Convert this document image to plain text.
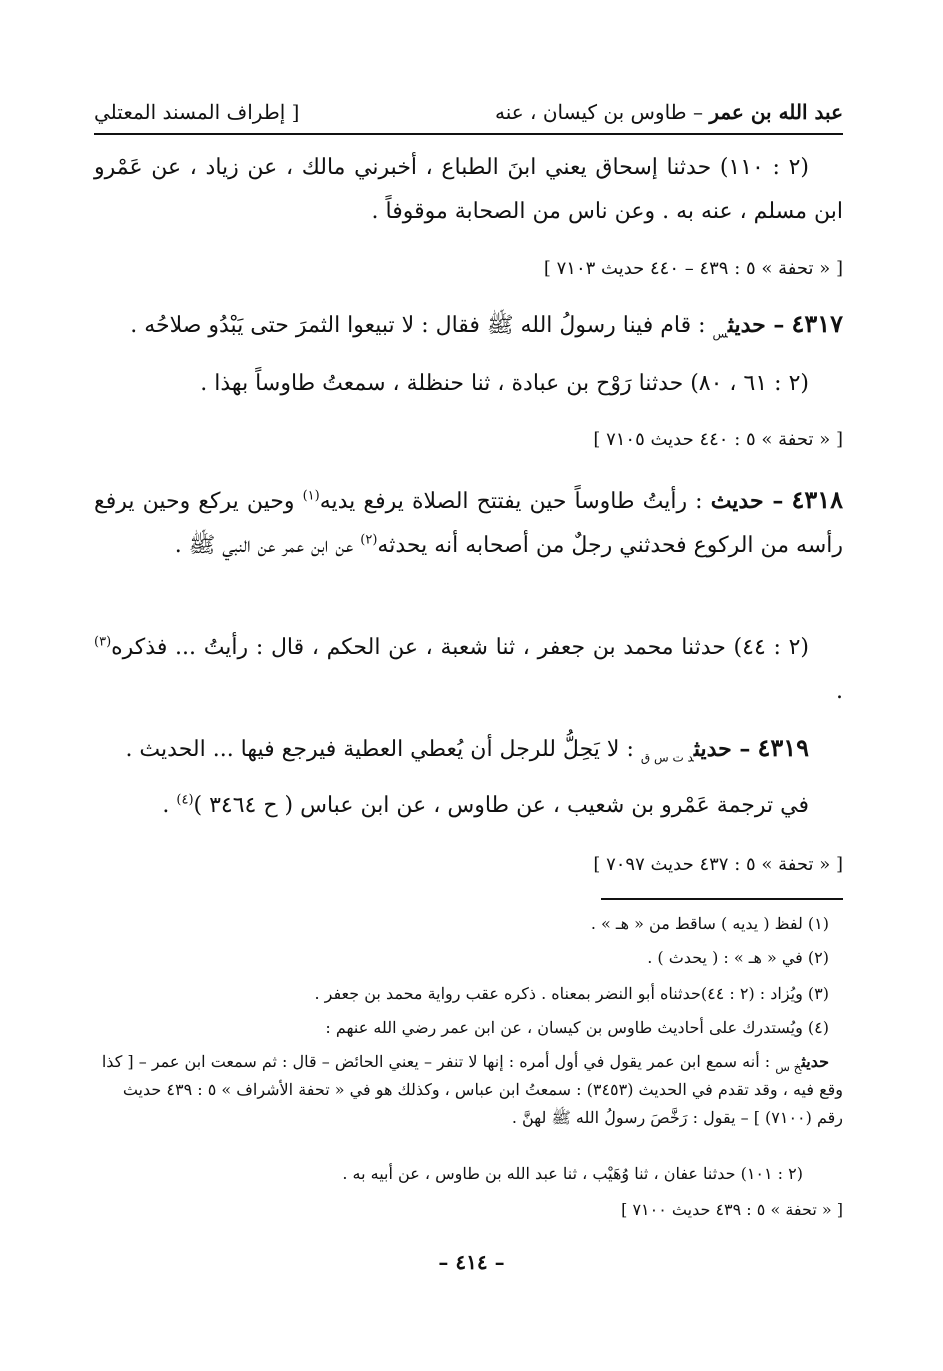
عبد الله بن عمر – طاوس بن كيسان ، عنه
[ إطراف المسند المعتلي
(٢ : ١١٠) حدثنا إسحاق يعني ابنَ الطباع ، أخبرني مالك ، عن زياد ، عن عَمْرو ابن مسلم ، عنه به . وعن ناس من الصحابة موقوفاً .
[ « تحفة » ٥ : ٤٣٩ – ٤٤٠ حديث ٧١٠٣ ]
٤٣١٧ – حديث$_س$ : قام فينا رسولُ الله ﷺ فقال : لا تبيعوا الثمرَ حتى يَبْدُو صلاحُه .
(٢ : ٦١ ، ٨٠) حدثنا رَوْح بن عبادة ، ثنا حنظلة ، سمعتُ طاوساً بهذا .
[ « تحفة » ٥ : ٤٤٠ حديث ٧١٠٥ ]
٤٣١٨ – حديث : رأيتُ طاوساً حين يفتتح الصلاة يرفع يديه$^{(١)}$ وحين يركع وحين يرفع رأسه من الركوع فحدثني رجلٌ من أصحابه أنه يحدثه$^{(٢)}$ عن ابن عمر عن النبي ﷺ .
(٢ : ٤٤) حدثنا محمد بن جعفر ، ثنا شعبة ، عن الحكم ، قال : رأيتُ ... فذكره$^{(٣)}$ .
٤٣١٩ – حديث$_{د ت س ق}$ : لا يَحِلُّ للرجل أن يُعطي العطية فيرجع فيها ... الحديث .
في ترجمة عَمْرو بن شعيب ، عن طاوس ، عن ابن عباس ( ح ٣٤٦٤ )$^{(٤)}$ .
[ « تحفة » ٥ : ٤٣٧ حديث ٧٠٩٧ ]
(١) لفظ ( يديه ) ساقط من « هـ » .
(٢) في « هـ » : ( يحدث ) .
(٣) ويُزاد : (٢ : ٤٤)حدثناه أبو النضر بمعناه . ذكره عقب رواية محمد بن جعفر .
(٤) ويُستدرك على أحاديث طاوس بن كيسان ، عن ابن عمر رضي الله عنهم :
حديث$_{خ س}$ : أنه سمع ابن عمر يقول في أول أمره : إنها لا تنفر – يعني الحائض – قال : ثم سمعت ابن عمر – [ كذا وقع فيه ، وقد تقدم في الحديث (٣٤٥٣) : سمعتُ ابن عباس ، وكذلك هو في « تحفة الأشراف » ٥ : ٤٣٩ حديث رقم (٧١٠٠) ] – يقول : رَخَّصَ رسولُ الله ﷺ لهنَّ .
(٢ : ١٠١) حدثنا عفان ، ثنا وُهَيْب ، ثنا عبد الله بن طاوس ، عن أبيه به .
[ « تحفة » ٥ : ٤٣٩ حديث ٧١٠٠ ]
– ٤١٤ –
